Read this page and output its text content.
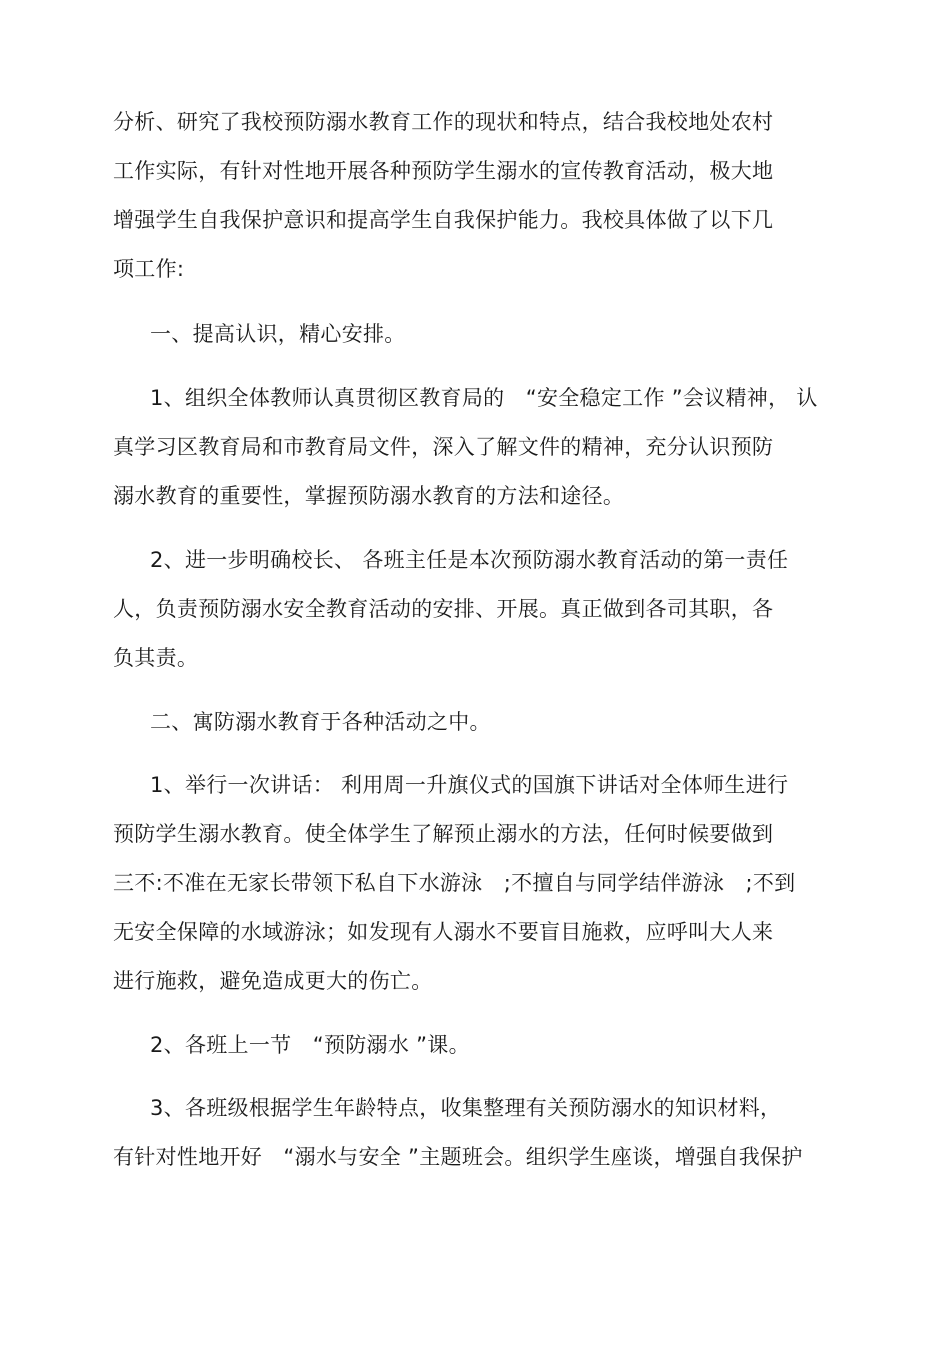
分析、研究了我校预防溺水教育工作的现状和特点，结合我校地处农村
工作实际，有针对性地开展各种预防学生溺水的宣传教育活动，极大地
增强学生自我保护意识和提高学生自我保护能力。我校具体做了以下几
项工作:
一、提高认识，精心安排。
1、组织全体教师认真贯彻区教育局的　“安全稳定工作 ”会议精神， 认
真学习区教育局和市教育局文件，深入了解文件的精神，充分认识预防
溺水教育的重要性，掌握预防溺水教育的方法和途径。
2、进一步明确校长、 各班主任是本次预防溺水教育活动的第一责任
人，负责预防溺水安全教育活动的安排、开展。真正做到各司其职，各
负其责。
二、寓防溺水教育于各种活动之中。
1、举行一次讲话： 利用周一升旗仪式的国旗下讲话对全体师生进行
预防学生溺水教育。使全体学生了解预止溺水的方法，任何时候要做到
三不:不准在无家长带领下私自下水游泳　;不擅自与同学结伴游泳　;不到
无安全保障的水域游泳；如发现有人溺水不要盲目施救，应呼叫大人来
进行施救，避免造成更大的伤亡。
2、各班上一节　“预防溺水 ”课。
3、各班级根据学生年龄特点，收集整理有关预防溺水的知识材料，
有针对性地开好　“溺水与安全 ”主题班会。组织学生座谈，增强自我保护
